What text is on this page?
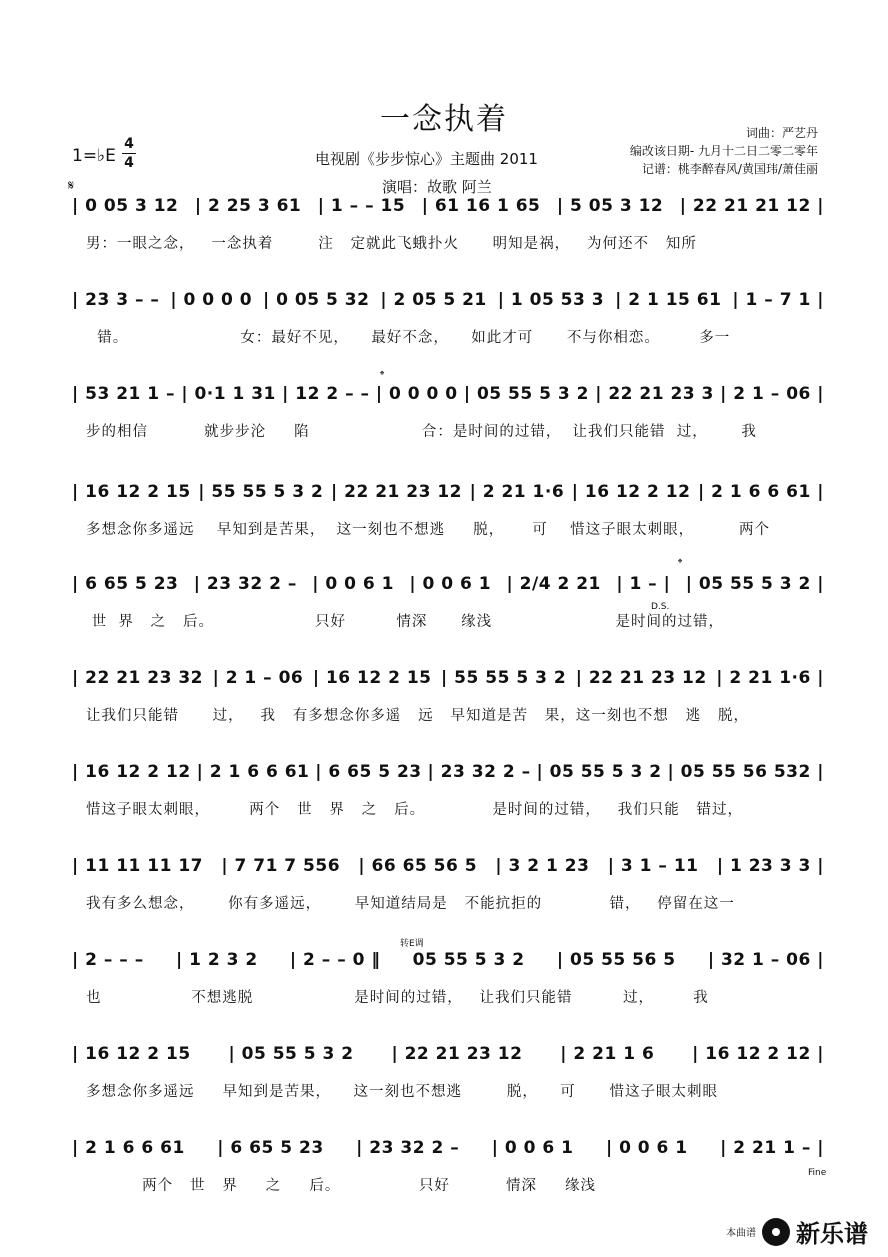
一念执着
1=♭E
4
4	电视剧《步步惊心》主题曲 2011
演唱：故歌 阿兰
词曲：严艺丹
编改该日期- 九月十二日二零二零年
记谱：桃李醉春风/黄国玮/萧佳丽
𝄋
| 0 05 3 12 | 2 25 3 61 | 1 – – 15 | 61 16 1 65 | 5 05 3 12 | 22 21 21 12 |
男：一眼之念，   一念执着        注   定就此飞蛾扑火      明知是祸，   为何还不   知所
| 23 3 – – | 0 0 0 0 | 0 05 5 32 | 2 05 5 21 | 1 05 53 3 | 2 1 15 61 | 1 – 7 1 |
错。                    女：最好不见，    最好不念，    如此才可      不与你相恋。       多一
| 53 21 1 – | 0·1 1 31 | 12 2 – – | 0 0 0 0 | 05 55 5 3 2 | 22 21 23 3 | 2 1 – 06 |
步的相信          就步步沦     陷                    合：是时间的过错，  让我们只能错  过，      我
| 16 12 2 15 | 55 55 5 3 2 | 22 21 23 12 | 2 21 1·6 | 16 12 2 12 | 2 1 6 6 61 |
多想念你多遥远    早知到是苦果，  这一刻也不想逃     脱，     可    惜这子眼太刺眼，        两个
| 6 65 5 23 | 23 32 2 – | 0 0 6 1 | 0 0 6 1 | 2/4 2 21 | 1 – | | 05 55 5 3 2 |
世  界   之   后。                  只好         情深      缘浅                      是时间的过错，
| 22 21 23 32 | 2 1 – 06 | 16 12 2 15 | 55 55 5 3 2 | 22 21 23 12 | 2 21 1·6 |
让我们只能错      过，   我   有多想念你多遥   远   早知道是苦   果，这一刻也不想   逃   脱，
| 16 12 2 12 | 2 1 6 6 61 | 6 65 5 23 | 23 32 2 – | 05 55 5 3 2 | 05 55 56 532 |
惜这子眼太刺眼，       两个   世   界   之   后。            是时间的过错，   我们只能   错过，
| 11 11 11 17 | 7 71 7 556 | 66 65 56 5 | 3 2 1 23 | 3 1 – 11 | 1 23 3 3 |
我有多么想念，      你有多遥远，      早知道结局是   不能抗拒的            错，   停留在这一
| 2 – – – | 1 2 3 2 | 2 – – 0 ‖ 05 55 5 3 2 | 05 55 56 5 | 32 1 – 06 |
也                不想逃脱                  是时间的过错，   让我们只能错         过，       我
| 16 12 2 15 | 05 55 5 3 2 | 22 21 23 12 | 2 21 1 6 | 16 12 2 12 |
多想念你多遥远     早知到是苦果，    这一刻也不想逃        脱，    可      惜这子眼太刺眼
| 2 1 6 6 61 | 6 65 5 23 | 23 32 2 – | 0 0 6 1 | 0 0 6 1 | 2 21 1 – |
两个   世   界     之     后。              只好          情深     缘浅
D.S.
𝄌
𝄌
转E调
Fine
本曲谱 新乐谱
